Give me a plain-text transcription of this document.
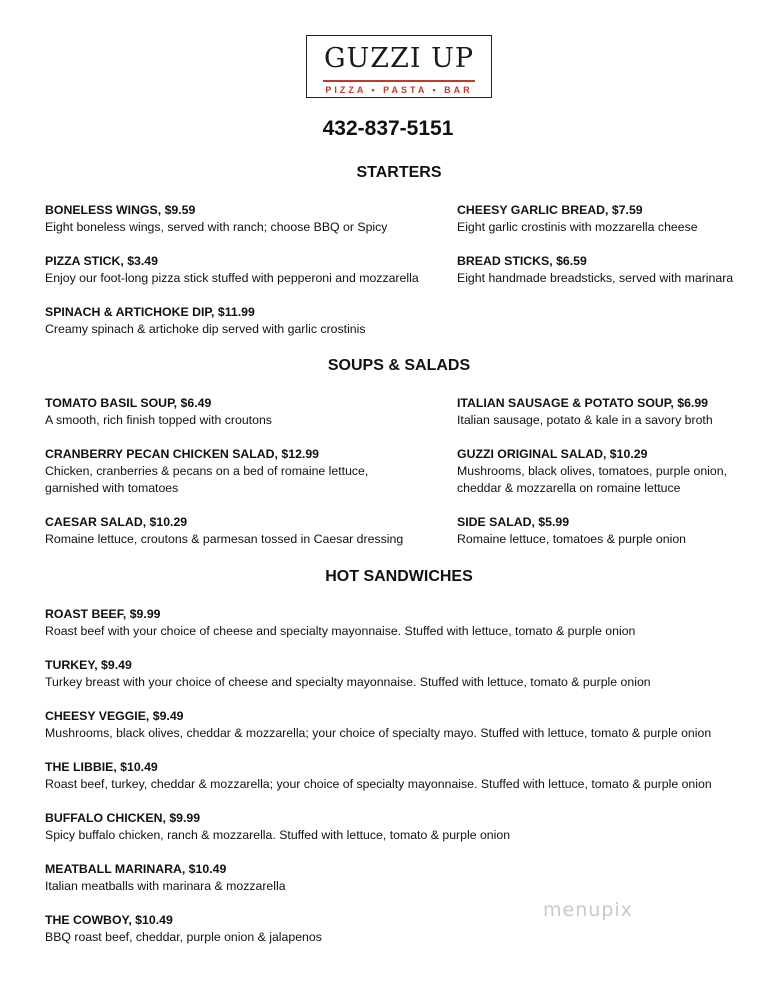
GUZZI UP
PIZZA • PASTA • BAR
432-837-5151
STARTERS
BONELESS WINGS, $9.59
Eight boneless wings, served with ranch; choose BBQ or Spicy
CHEESY GARLIC BREAD, $7.59
Eight garlic crostinis with mozzarella cheese
PIZZA STICK, $3.49
Enjoy our foot-long pizza stick stuffed with pepperoni and mozzarella
BREAD STICKS, $6.59
Eight handmade breadsticks, served with marinara
SPINACH & ARTICHOKE DIP, $11.99
Creamy spinach & artichoke dip served with garlic crostinis
SOUPS & SALADS
TOMATO BASIL SOUP, $6.49
A smooth, rich finish topped with croutons
ITALIAN SAUSAGE & POTATO SOUP, $6.99
Italian sausage, potato & kale in a savory broth
CRANBERRY PECAN CHICKEN SALAD, $12.99
Chicken, cranberries & pecans on a bed of romaine lettuce, garnished with tomatoes
GUZZI ORIGINAL SALAD, $10.29
Mushrooms, black olives, tomatoes, purple onion, cheddar & mozzarella on romaine lettuce
CAESAR SALAD, $10.29
Romaine lettuce, croutons & parmesan tossed in Caesar dressing
SIDE SALAD, $5.99
Romaine lettuce, tomatoes & purple onion
HOT SANDWICHES
ROAST BEEF, $9.99
Roast beef with your choice of cheese and specialty mayonnaise. Stuffed with lettuce, tomato & purple onion
TURKEY, $9.49
Turkey breast with your choice of cheese and specialty mayonnaise. Stuffed with lettuce, tomato & purple onion
CHEESY VEGGIE, $9.49
Mushrooms, black olives, cheddar & mozzarella; your choice of specialty mayo. Stuffed with lettuce, tomato & purple onion
THE LIBBIE, $10.49
Roast beef, turkey, cheddar & mozzarella; your choice of specialty mayonnaise. Stuffed with lettuce, tomato & purple onion
BUFFALO CHICKEN, $9.99
Spicy buffalo chicken, ranch & mozzarella. Stuffed with lettuce, tomato & purple onion
MEATBALL MARINARA, $10.49
Italian meatballs with marinara & mozzarella
THE COWBOY, $10.49
BBQ roast beef, cheddar, purple onion & jalapenos
menupix
